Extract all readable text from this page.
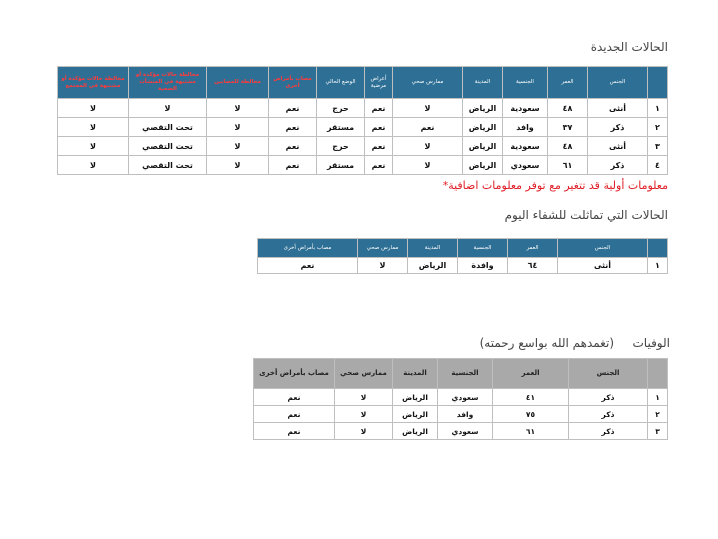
الحالات الجديدة
	الجنس	العمر	الجنسية	المدينة	ممارس صحي	أعراض مرضية	الوضع الحالي	مصاب بأمراض أخرى	مخالطة للمصابين	مخالطة حالات مؤكدة أو مشتبهة في المنشآت الصحية	مخالطة حالات مؤكدة أو مشتبهة في المجتمع
١	أنثى	٤٨	سعودية	الرياض	لا	نعم	حرج	نعم	لا	لا	لا
٢	ذكر	٣٧	وافد	الرياض	نعم	نعم	مستقر	نعم	لا	تحت التقصي	لا
٣	أنثى	٤٨	سعودية	الرياض	لا	نعم	حرج	نعم	لا	تحت التقصي	لا
٤	ذكر	٦١	سعودي	الرياض	لا	نعم	مستقر	نعم	لا	تحت التقصي	لا
معلومات أولية قد تتغير مع توفر معلومات اضافية*
الحالات التي تماثلت للشفاء اليوم
	الجنس	العمر	الجنسية	المدينة	ممارس صحي	مصاب بأمراض أخرى
١	أنثى	٦٤	وافدة	الرياض	لا	نعم
الوفيات
(تغمدهم الله بواسع رحمته)
	الجنس	العمر	الجنسية	المدينة	ممارس صحي	مصاب بأمراض أخرى
١	ذكر	٤١	سعودي	الرياض	لا	نعم
٢	ذكر	٧٥	وافد	الرياض	لا	نعم
٣	ذكر	٦١	سعودي	الرياض	لا	نعم
